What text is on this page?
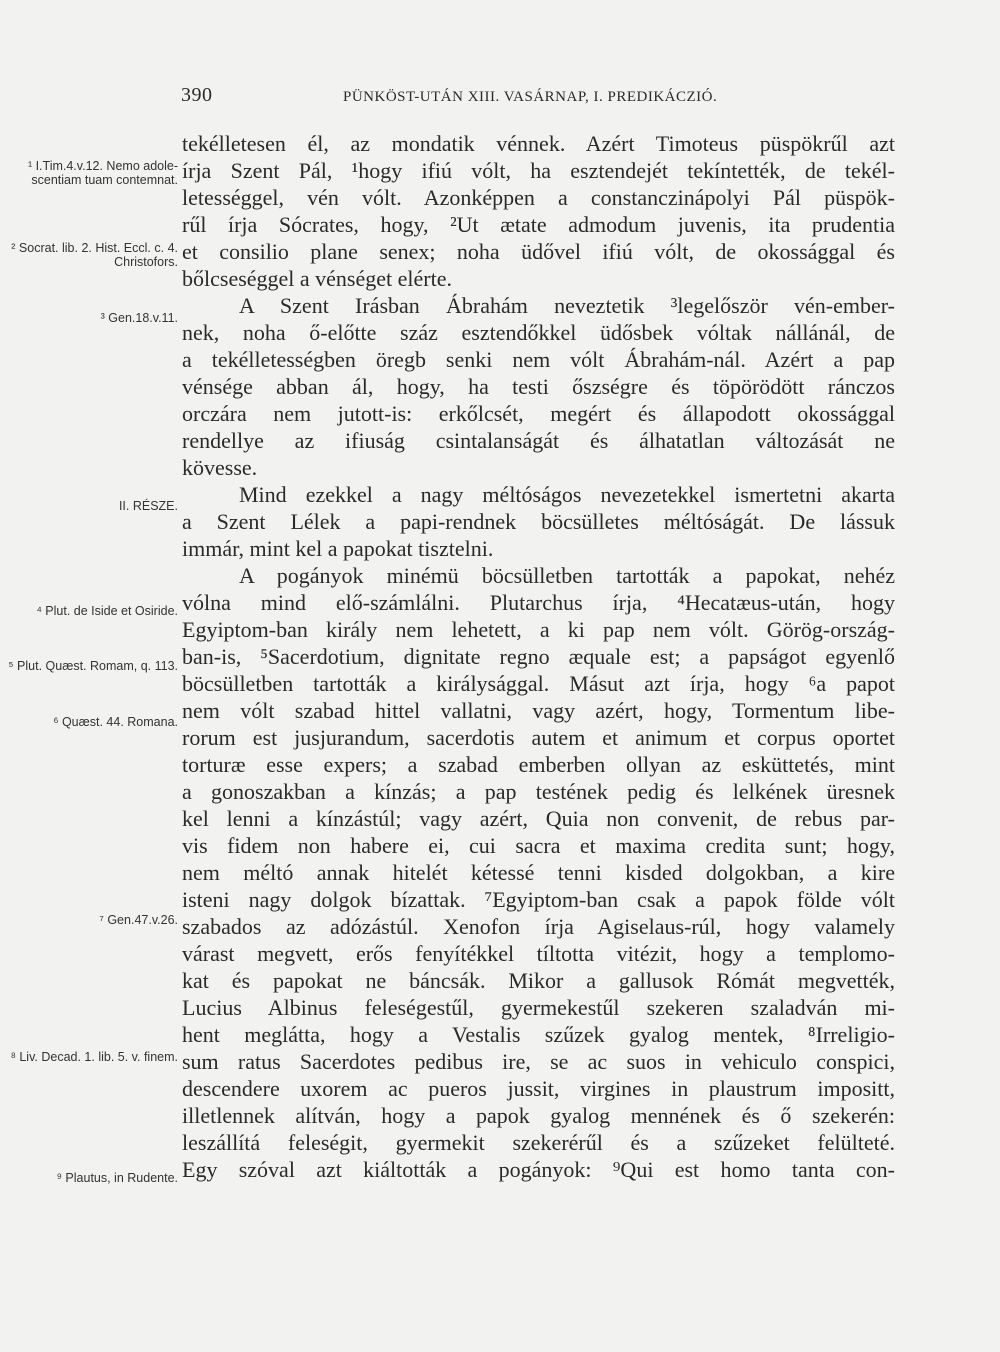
390	PÜNKÖST-UTÁN XIII. VASÁRNAP, I. PREDIKÁCZIÓ.
¹ I.Tim.4.v.12. Nemo adole-scentiam tuam contemnat.
² Socrat. lib. 2. Hist. Eccl. c. 4. Christofors.
³ Gen.18.v.11.
II. RÉSZE.
⁴ Plut. de Iside et Osiride.
⁵ Plut. Quæst. Romam, q. 113.
⁶ Quæst. 44. Romana.
⁷ Gen.47.v.26.
⁸ Liv. Decad. 1. lib. 5. v. finem.
⁹ Plautus, in Rudente.
tekélletesen él, az mondatik vénnek. Azért Timoteus püspökrűl azt
írja Szent Pál, ¹hogy ifiú vólt, ha esztendejét tekíntették, de tekél-
letességgel, vén vólt. Azonképpen a constanczinápolyi Pál püspök-
rűl írja Sócrates, hogy, ²Ut ætate admodum juvenis, ita prudentia
et consilio plane senex; noha üdővel ifiú vólt, de okossággal és
bőlcseséggel a vénséget elérte.
A Szent Irásban Ábrahám neveztetik ³legelőször vén-ember-
nek, noha ő-előtte száz esztendőkkel üdősbek vóltak nállánál, de
a tekélletességben öregb senki nem vólt Ábrahám-nál. Azért a pap
vénsége abban ál, hogy, ha testi őszségre és töpörödött ránczos
orczára nem jutott-is: erkőlcsét, megért és állapodott okossággal
rendellye az ifiuság csintalanságát és álhatatlan változását ne
kövesse.
Mind ezekkel a nagy méltóságos nevezetekkel ismertetni akarta
a Szent Lélek a papi-rendnek böcsülletes méltóságát. De lássuk
immár, mint kel a papokat tisztelni.
A pogányok minémü böcsülletben tartották a papokat, nehéz
vólna mind elő-számlálni. Plutarchus írja, ⁴Hecatæus-után, hogy
Egyiptom-ban király nem lehetett, a ki pap nem vólt. Görög-ország-
ban-is, ⁵Sacerdotium, dignitate regno æquale est; a papságot egyenlő
böcsülletben tartották a királysággal. Másut azt írja, hogy ⁶a papot
nem vólt szabad hittel vallatni, vagy azért, hogy, Tormentum libe-
rorum est jusjurandum, sacerdotis autem et animum et corpus oportet
torturæ esse expers; a szabad emberben ollyan az esküttetés, mint
a gonoszakban a kínzás; a pap testének pedig és lelkének üresnek
kel lenni a kínzástúl; vagy azért, Quia non convenit, de rebus par-
vis fidem non habere ei, cui sacra et maxima credita sunt; hogy,
nem méltó annak hitelét kétessé tenni kisded dolgokban, a kire
isteni nagy dolgok bízattak. ⁷Egyiptom-ban csak a papok földe vólt
szabados az adózástúl. Xenofon írja Agiselaus-rúl, hogy valamely
várast megvett, erős fenyítékkel tíltotta vitézit, hogy a templomo-
kat és papokat ne báncsák. Mikor a gallusok Rómát megvették,
Lucius Albinus feleségestűl, gyermekestűl szekeren szaladván mi-
hent meglátta, hogy a Vestalis szűzek gyalog mentek, ⁸Irreligio-
sum ratus Sacerdotes pedibus ire, se ac suos in vehiculo conspici,
descendere uxorem ac pueros jussit, virgines in plaustrum impositt,
illetlennek alítván, hogy a papok gyalog mennének és ő szekerén:
leszállítá feleségit, gyermekit szekerérűl és a szűzeket felülteté.
Egy szóval azt kiáltották a pogányok: ⁹Qui est homo tanta con-
